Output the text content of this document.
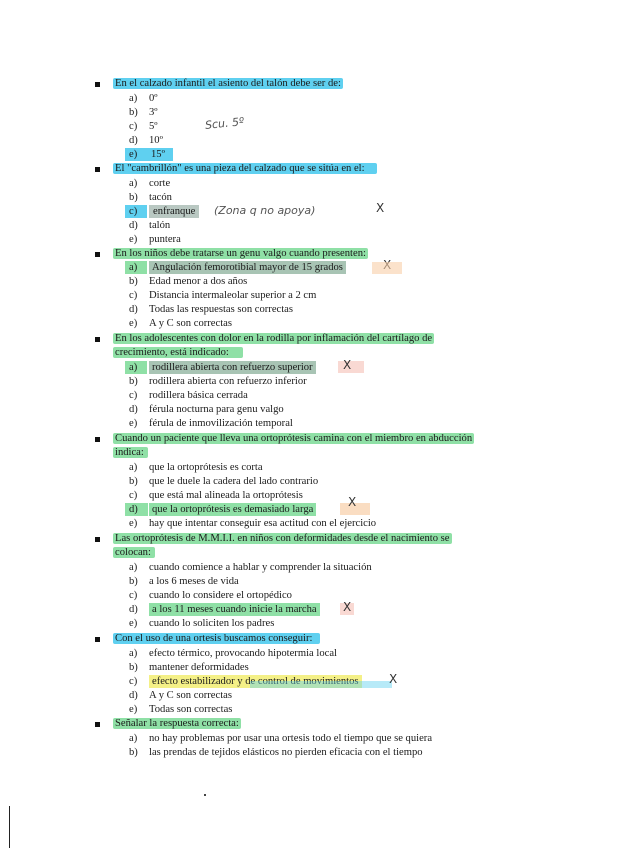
En el calzado infantil el asiento del talón debe ser de:
a) 0º
b) 3º
c) 5º
d) 10º
e)	15º
Scu. 5º
El "cambrillón" es una pieza del calzado que se sitúa en el:
a) corte
b) tacón
c)	enfranque
d) talón
e) puntera
(Zona q no apoya)	X
En los niños debe tratarse un genu valgo cuando presenten:
a)	Angulación femorotibial mayor de 15 grados
b) Edad menor a dos años
c) Distancia intermaleolar superior a 2 cm
d) Todas las respuestas son correctas
e) A y C son correctas
En los adolescentes con dolor en la rodilla por inflamación del cartílago de
crecimiento, está indicado:
a)	rodillera abierta con refuerzo superior
b) rodillera abierta con refuerzo inferior
c) rodillera básica cerrada
d) férula nocturna para genu valgo
e) férula de inmovilización temporal
X
Cuando un paciente que lleva una ortoprótesis camina con el miembro en abducción
indica:
a) que la ortoprótesis es corta
b) que le duele la cadera del lado contrario
c) que está mal alineada la ortoprótesis
d)	que la ortoprótesis es demasiado larga
e) hay que intentar conseguir esa actitud con el ejercicio
X
Las ortoprótesis de M.M.I.I. en niños con deformidades desde el nacimiento se
colocan:
a) cuando comience a hablar y comprender la situación
b) a los 6 meses de vida
c) cuando lo considere el ortopédico
d) a los 11 meses cuando inicie la marcha
e) cuando lo soliciten los padres
X
Con el uso de una ortesis buscamos conseguir:
a) efecto térmico, provocando hipotermia local
b) mantener deformidades
c) efecto estabilizador y de control de movimientos
d) A y C son correctas
e) Todas son correctas
X
Señalar la respuesta correcta:
a) no hay problemas por usar una ortesis todo el tiempo que se quiera
b) las prendas de tejidos elásticos no pierden eficacia con el tiempo
